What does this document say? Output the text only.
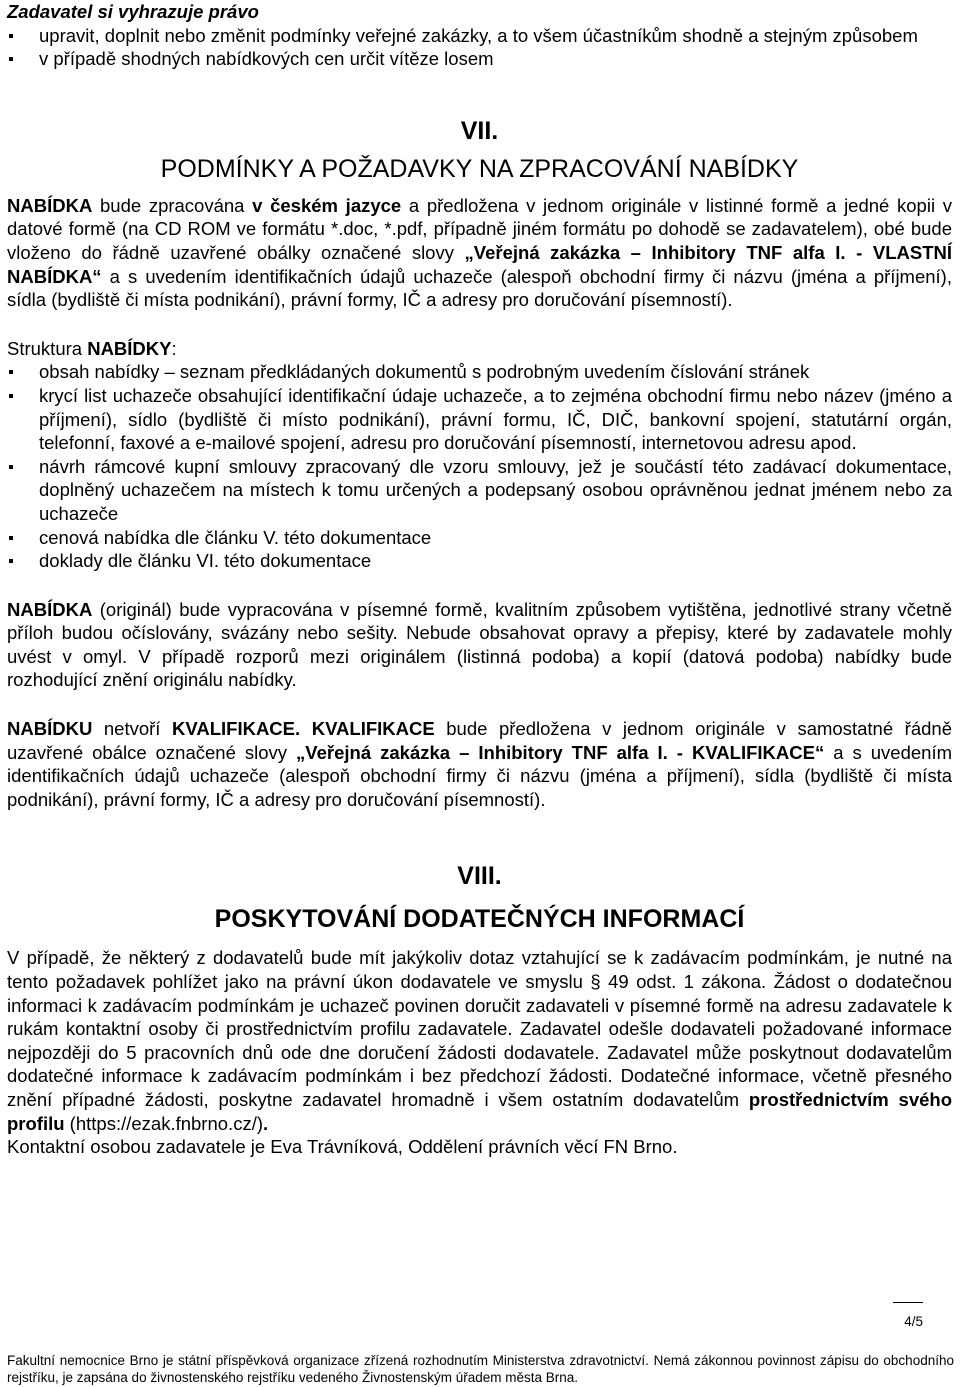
Zadavatel si vyhrazuje právo

upravit, doplnit nebo změnit podmínky veřejné zakázky, a to všem účastníkům shodně a stejným způsobem
v případě shodných nabídkových cen určit vítěze losem
VII.
PODMÍNKY A POŽADAVKY NA ZPRACOVÁNÍ NABÍDKY

NABÍDKA bude zpracována v českém jazyce a předložena v jednom originále v listinné formě a jedné kopii v datové formě (na CD ROM ve formátu *.doc, *.pdf, případně jiném formátu po dohodě se zadavatelem), obé bude vloženo do řádně uzavřené obálky označené slovy „Veřejná zakázka – Inhibitory TNF alfa I. - VLASTNÍ NABÍDKA“ a s uvedením identifikačních údajů uchazeče (alespoň obchodní firmy či názvu (jména a příjmení), sídla (bydliště či místa podnikání), právní formy, IČ a adresy pro doručování písemností).

Struktura NABÍDKY:

obsah nabídky – seznam předkládaných dokumentů s podrobným uvedením číslování stránek
krycí list uchazeče obsahující identifikační údaje uchazeče, a to zejména obchodní firmu nebo název (jméno a příjmení), sídlo (bydliště či místo podnikání), právní formu, IČ, DIČ, bankovní spojení, statutární orgán, telefonní, faxové a e-mailové spojení, adresu pro doručování písemností, internetovou adresu apod.
návrh rámcové kupní smlouvy zpracovaný dle vzoru smlouvy, jež je součástí této zadávací dokumentace, doplněný uchazečem na místech k tomu určených a podepsaný osobou oprávněnou jednat jménem nebo za uchazeče
cenová nabídka dle článku V. této dokumentace
doklady dle článku VI. této dokumentace

NABÍDKA (originál) bude vypracována v písemné formě, kvalitním způsobem vytištěna, jednotlivé strany včetně příloh budou očíslovány, svázány nebo sešity. Nebude obsahovat opravy a přepisy, které by zadavatele mohly uvést v omyl. V případě rozporů mezi originálem (listinná podoba) a kopií (datová podoba) nabídky bude rozhodující znění originálu nabídky.

NABÍDKU netvoří KVALIFIKACE. KVALIFIKACE bude předložena v jednom originále v samostatné řádně uzavřené obálce označené slovy „Veřejná zakázka – Inhibitory TNF alfa I. - KVALIFIKACE“ a s uvedením identifikačních údajů uchazeče (alespoň obchodní firmy či názvu (jména a příjmení), sídla (bydliště či místa podnikání), právní formy, IČ a adresy pro doručování písemností).

VIII.
POSKYTOVÁNÍ DODATEČNÝCH INFORMACÍ

V případě, že některý z dodavatelů bude mít jakýkoliv dotaz vztahující se k zadávacím podmínkám, je nutné na tento požadavek pohlížet jako na právní úkon dodavatele ve smyslu § 49 odst. 1 zákona. Žádost o dodatečnou informaci k zadávacím podmínkám je uchazeč povinen doručit zadavateli v písemné formě na adresu zadavatele k rukám kontaktní osoby či prostřednictvím profilu zadavatele. Zadavatel odešle dodavateli požadované informace nejpozději do 5 pracovních dnů ode dne doručení žádosti dodavatele. Zadavatel může poskytnout dodavatelům dodatečné informace k zadávacím podmínkám i bez předchozí žádosti. Dodatečné informace, včetně přesného znění případné žádosti, poskytne zadavatel hromadně i všem ostatním dodavatelům prostřednictvím svého profilu (https://ezak.fnbrno.cz/).

Kontaktní osobou zadavatele je Eva Trávníková, Oddělení právních věcí FN Brno.

4/5
Fakultní nemocnice Brno je státní příspěvková organizace zřízená rozhodnutím Ministerstva zdravotnictví. Nemá zákonnou povinnost zápisu do obchodního rejstříku, je zapsána do živnostenského rejstříku vedeného Živnostenským úřadem města Brna.
